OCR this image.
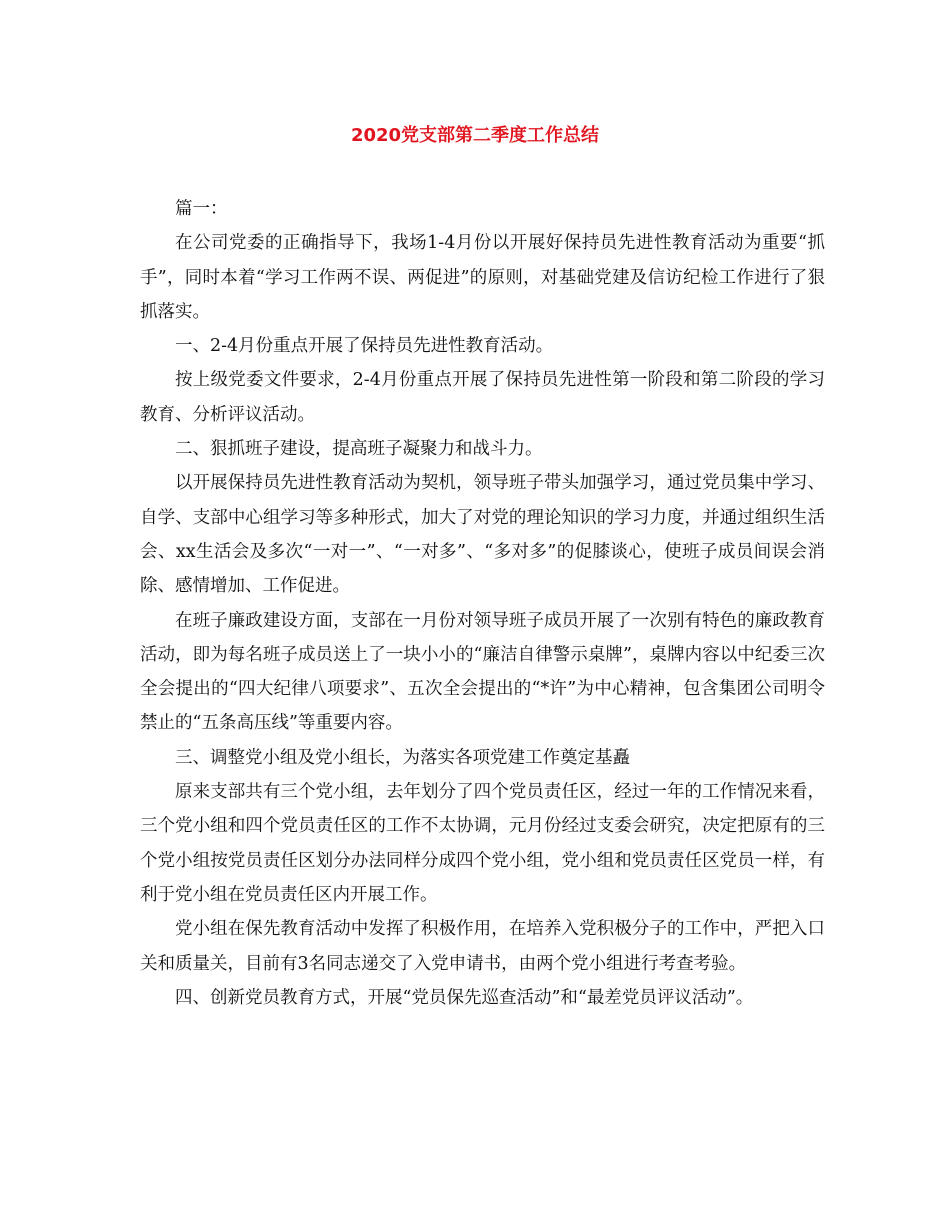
2020党支部第二季度工作总结

篇一：

在公司党委的正确指导下，我场1-4月份以开展好保持员先进性教育活动为重要“抓手”，同时本着“学习工作两不误、两促进”的原则，对基础党建及信访纪检工作进行了狠抓落实。

一、2-4月份重点开展了保持员先进性教育活动。

按上级党委文件要求，2-4月份重点开展了保持员先进性第一阶段和第二阶段的学习教育、分析评议活动。

二、狠抓班子建设，提高班子凝聚力和战斗力。

以开展保持员先进性教育活动为契机，领导班子带头加强学习，通过党员集中学习、自学、支部中心组学习等多种形式，加大了对党的理论知识的学习力度，并通过组织生活会、xx生活会及多次“一对一”、“一对多”、“多对多”的促膝谈心，使班子成员间误会消除、感情增加、工作促进。

在班子廉政建设方面，支部在一月份对领导班子成员开展了一次别有特色的廉政教育活动，即为每名班子成员送上了一块小小的“廉洁自律警示桌牌”，桌牌内容以中纪委三次全会提出的“四大纪律八项要求”、五次全会提出的“*许”为中心精神，包含集团公司明令禁止的“五条高压线”等重要内容。

三、调整党小组及党小组长，为落实各项党建工作奠定基矗

原来支部共有三个党小组，去年划分了四个党员责任区，经过一年的工作情况来看，三个党小组和四个党员责任区的工作不太协调，元月份经过支委会研究，决定把原有的三个党小组按党员责任区划分办法同样分成四个党小组，党小组和党员责任区党员一样，有利于党小组在党员责任区内开展工作。

党小组在保先教育活动中发挥了积极作用，在培养入党积极分子的工作中，严把入口关和质量关，目前有3名同志递交了入党申请书，由两个党小组进行考查考验。

四、创新党员教育方式，开展“党员保先巡查活动”和“最差党员评议活动”。
